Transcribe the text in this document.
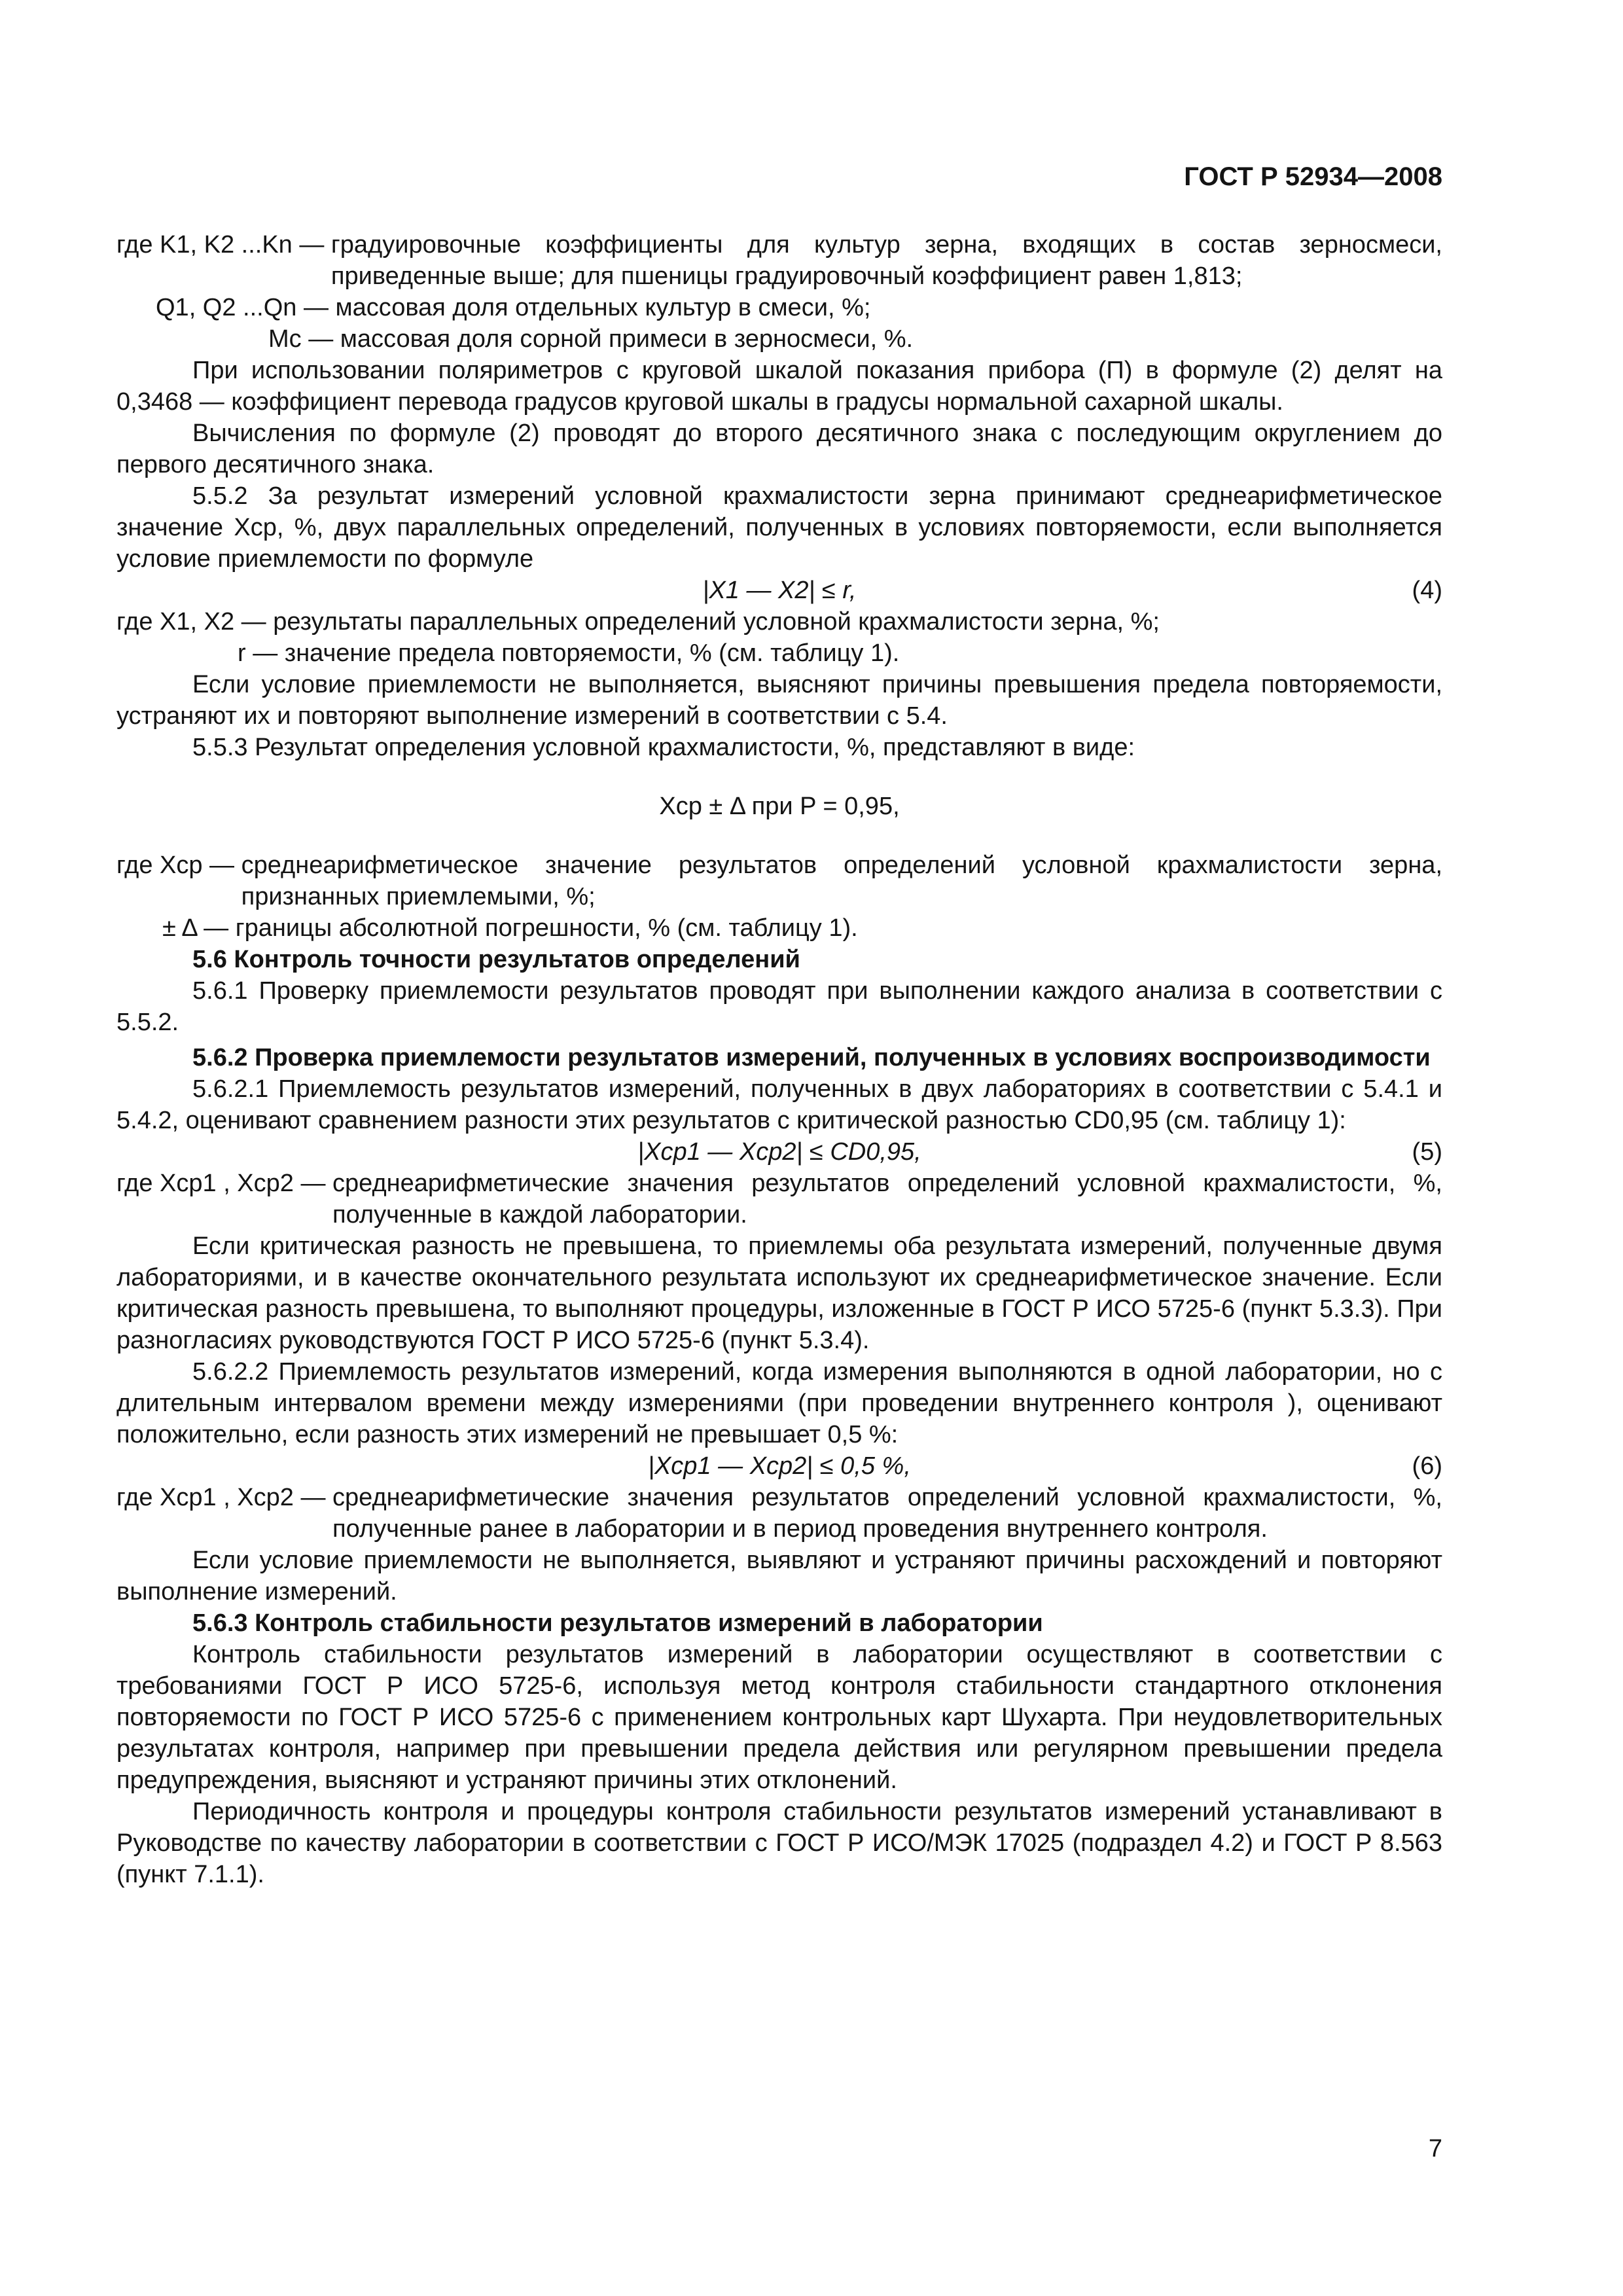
ГОСТ Р 52934—2008
где K1, K2 ...Kn — градуировочные коэффициенты для культур зерна, входящих в состав зерносмеси, приведенные выше; для пшеницы градуировочный коэффициент равен 1,813;

Q1, Q2 ...Qn — массовая доля отдельных культур в смеси, %;

Mc — массовая доля сорной примеси в зерносмеси, %.

При использовании поляриметров с круговой шкалой показания прибора (П) в формуле (2) делят на 0,3468 — коэффициент перевода градусов круговой шкалы в градусы нормальной сахарной шкалы.

Вычисления по формуле (2) проводят до второго десятичного знака с последующим округлением до первого десятичного знака.

5.5.2 За результат измерений условной крахмалистости зерна принимают среднеарифметическое значение Xср, %, двух параллельных определений, полученных в условиях повторяемости, если выполняется условие приемлемости по формуле

|X1 — X2| ≤ r,	(4)

где X1, X2 — результаты параллельных определений условной крахмалистости зерна, %;

r — значение предела повторяемости, % (см. таблицу 1).

Если условие приемлемости не выполняется, выясняют причины превышения предела повторяемости, устраняют их и повторяют выполнение измерений в соответствии с 5.4.

5.5.3 Результат определения условной крахмалистости, %, представляют в виде:

Xср ± Δ при P = 0,95,
где Xср — среднеарифметическое значение результатов определений условной крахмалистости зерна, признанных приемлемыми, %;

± Δ — границы абсолютной погрешности, % (см. таблицу 1).

5.6 Контроль точности результатов определений

5.6.1 Проверку приемлемости результатов проводят при выполнении каждого анализа в соответствии с 5.5.2.

5.6.2 Проверка приемлемости результатов измерений, полученных в условиях воспроизводимости

5.6.2.1 Приемлемость результатов измерений, полученных в двух лабораториях в соответствии с 5.4.1 и 5.4.2, оценивают сравнением разности этих результатов с критической разностью CD0,95 (см. таблицу 1):

|Xср1 — Xср2| ≤ CD0,95,	(5)
где Xср1 , Xср2 — среднеарифметические значения результатов определений условной крахмалистости, %, полученные в каждой лаборатории.

Если критическая разность не превышена, то приемлемы оба результата измерений, полученные двумя лабораториями, и в качестве окончательного результата используют их среднеарифметическое значение. Если критическая разность превышена, то выполняют процедуры, изложенные в ГОСТ Р ИСО 5725-6 (пункт 5.3.3). При разногласиях руководствуются ГОСТ Р ИСО 5725-6 (пункт 5.3.4).

5.6.2.2 Приемлемость результатов измерений, когда измерения выполняются в одной лаборатории, но с длительным интервалом времени между измерениями (при проведении внутреннего контроля ), оценивают положительно, если разность этих измерений не превышает 0,5 %:

|Xср1 — Xср2| ≤ 0,5 %,	(6)
где Xср1 , Xср2 — среднеарифметические значения результатов определений условной крахмалистости, %, полученные ранее в лаборатории и в период проведения внутреннего контроля.

Если условие приемлемости не выполняется, выявляют и устраняют причины расхождений и повторяют выполнение измерений.

5.6.3 Контроль стабильности результатов измерений в лаборатории

Контроль стабильности результатов измерений в лаборатории осуществляют в соответствии с требованиями ГОСТ Р ИСО 5725-6, используя метод контроля стабильности стандартного отклонения повторяемости по ГОСТ Р ИСО 5725-6 с применением контрольных карт Шухарта. При неудовлетворительных результатах контроля, например при превышении предела действия или регулярном превышении предела предупреждения, выясняют и устраняют причины этих отклонений.

Периодичность контроля и процедуры контроля стабильности результатов измерений устанавливают в Руководстве по качеству лаборатории в соответствии с ГОСТ Р ИСО/МЭК 17025 (подраздел 4.2) и ГОСТ Р 8.563 (пункт 7.1.1).

7
